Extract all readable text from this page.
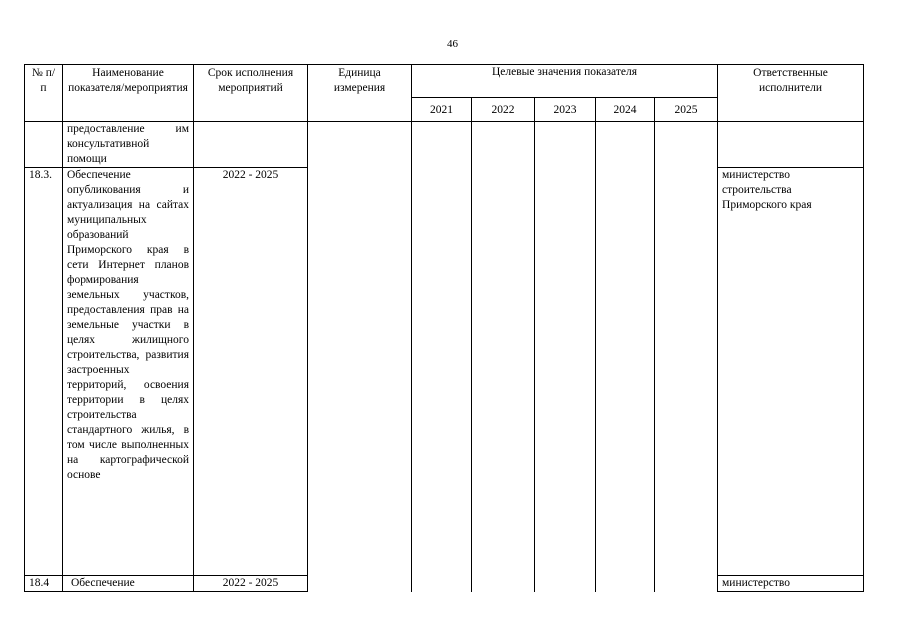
46
№ п/п	Наименование показателя/мероприятия	Срок исполнения мероприятий	Единица измерения	Целевые значения показателя					Ответственные исполнители
				2021	2022	2023	2024	2025	
	предоставление им консультативной помощи								
18.3.	Обеспечение опубликования и актуализация на сайтах муниципальных образований Приморского края в сети Интернет планов формирования земельных участков, предоставления прав на земельные участки в целях жилищного строительства, развития застроенных территорий, освоения территории в целях строительства стандартного жилья, в том числе выполненных на картографической основе	2022 - 2025							министерство строительства Приморского края
18.4	Обеспечение	2022 - 2025							министерство
